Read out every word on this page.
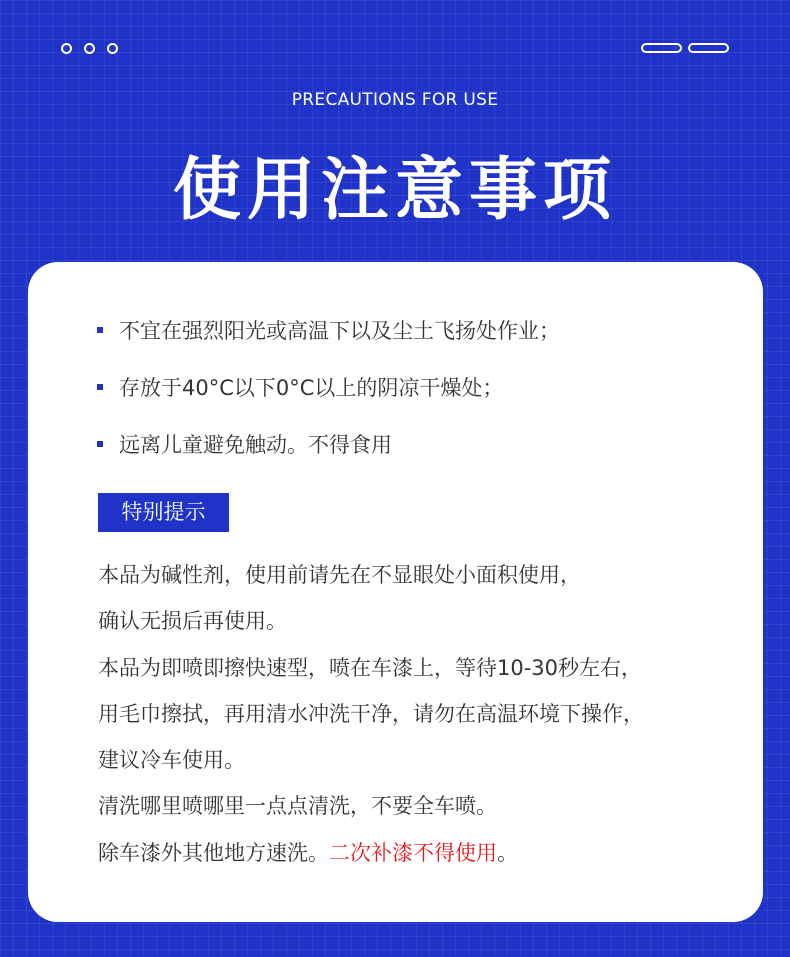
PRECAUTIONS FOR USE
使用注意事项
不宜在强烈阳光或高温下以及尘土飞扬处作业；
存放于40°C以下0°C以上的阴凉干燥处；
远离儿童避免触动。不得食用
特别提示
本品为碱性剂，使用前请先在不显眼处小面积使用，
确认无损后再使用。
本品为即喷即擦快速型，喷在车漆上，等待10-30秒左右，
用毛巾擦拭，再用清水冲洗干净，请勿在高温环境下操作，
建议冷车使用。
清洗哪里喷哪里一点点清洗，不要全车喷。
除车漆外其他地方速洗。二次补漆不得使用。
